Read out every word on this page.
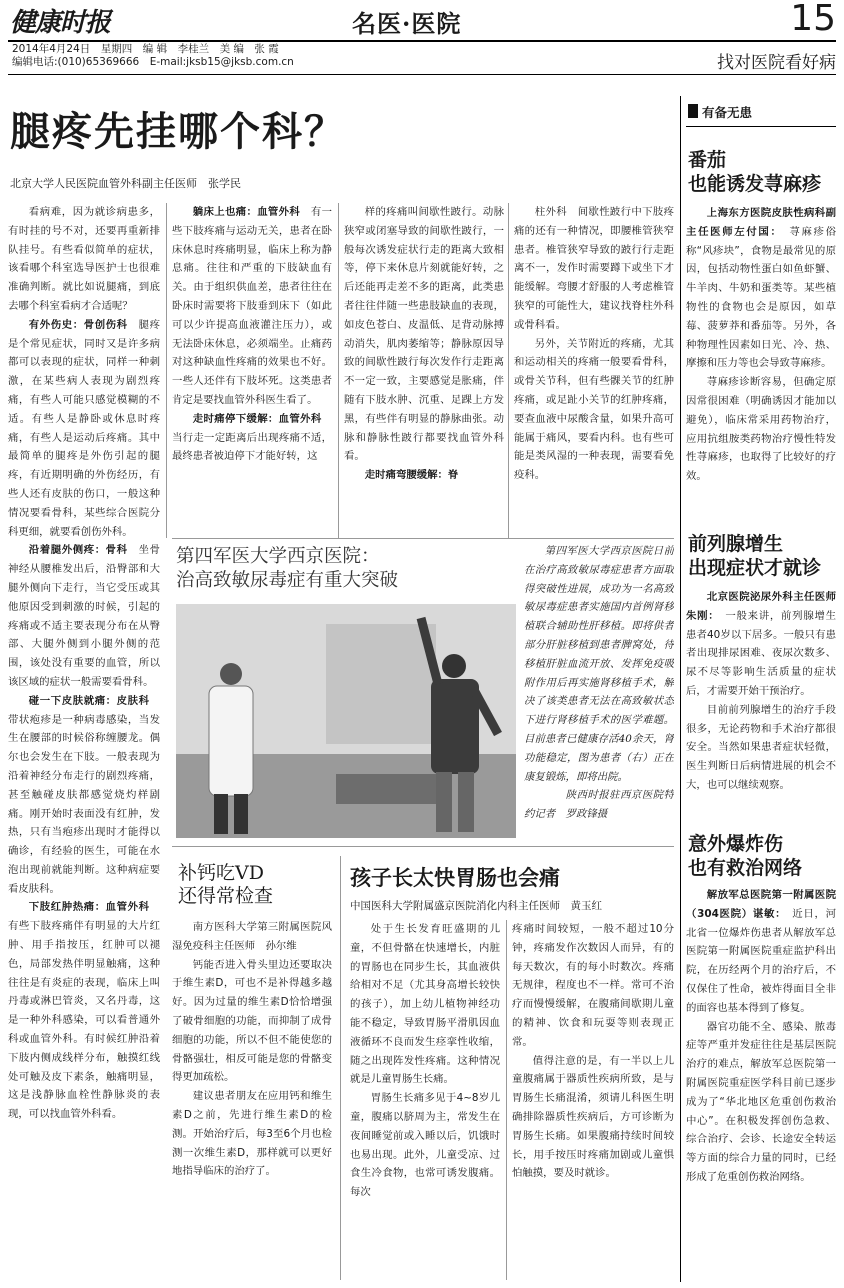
健康时报	名医·医院	15
2014年4月24日　星期四　编 辑　李桂兰　美 编　张 霞
编辑电话:(010)65369666　E-mail:jksb15@jksb.com.cn	找对医院看好病
腿疼先挂哪个科？
北京大学人民医院血管外科副主任医师　张学民

看病难，因为就诊病患多，有时挂的号不对，还要再重新排队挂号。有些看似简单的症状，该看哪个科室选导医护士也很难准确判断。就比如说腿痛，到底去哪个科室看病才合适呢？

有外伤史：骨创伤科　腿疼是个常见症状，同时又是许多病都可以表现的症状，同样一种刺激，在某些病人表现为剧烈疼痛，有些人可能只感觉模糊的不适。有些人是静卧或休息时疼痛，有些人是运动后疼痛。其中最简单的腿疼是外伤引起的腿疼，有近期明确的外伤经历，有些人还有皮肤的伤口，一般这种情况要看骨科，某些综合医院分科更细，就要看创伤外科。

沿着腿外侧疼：骨科　坐骨神经从腰椎发出后，沿臀部和大腿外侧向下走行，当它受压或其他原因受到刺激的时候，引起的疼痛或不适主要表现分布在从臀部、大腿外侧到小腿外侧的范围，该处没有重要的血管，所以该区域的症状一般需要看骨科。

碰一下皮肤就痛：皮肤科　带状疱疹是一种病毒感染，当发生在腰部的时候俗称缠腰龙。偶尔也会发生在下肢。一般表现为沿着神经分布走行的剧烈疼痛，甚至触碰皮肤都感觉烧灼样剧痛。刚开始时表面没有红肿，发热，只有当疱疹出现时才能得以确诊，有经验的医生，可能在水泡出现前就能判断。这种病症要看皮肤科。

下肢红肿热痛：血管外科　有些下肢疼痛伴有明显的大片红肿、用手指按压，红肿可以褪色，局部发热伴明显触痛，这种往往是有炎症的表现，临床上叫丹毒或淋巴管炎，又名丹毒，这是一种外科感染，可以看普通外科或血管外科。有时候红肿沿着下肢内侧成线样分布，触摸红线处可触及皮下素条，触痛明显，这是浅静脉血栓性静脉炎的表现，可以找血管外科看。

躺床上也痛：血管外科　有一些下肢疼痛与运动无关，患者在卧床休息时疼痛明显，临床上称为静息痛。往往和严重的下肢缺血有关。由于组织供血差，患者往往在卧床时需要将下肢垂到床下（如此可以少许提高血液灌注压力），或无法卧床休息，必须端坐。止痛药对这种缺血性疼痛的效果也不好。一些人还伴有下肢坏死。这类患者肯定是要找血管外科医生看了。

走时痛停下缓解：血管外科　当行走一定距离后出现疼痛不适，最终患者被迫停下才能好转，这

样的疼痛叫间歇性跛行。动脉狭窄或闭塞导致的间歇性跛行，一般每次诱发症状行走的距离大致相等，停下来休息片刻就能好转，之后还能再走差不多的距离，此类患者往往伴随一些患肢缺血的表现，如皮色苍白、皮温低、足背动脉搏动消失，肌肉萎缩等；静脉原因导致的间歇性跛行每次发作行走距离不一定一致，主要感觉是胀痛，伴随有下肢水肿、沉重、足踝上方发黑，有些伴有明显的静脉曲张。动脉和静脉性跛行都要找血管外科看。

走时痛弯腰缓解：脊

柱外科　间歇性跛行中下肢疼痛的还有一种情况，即腰椎管狭窄患者。椎管狭窄导致的跛行行走距离不一，发作时需要蹲下或坐下才能缓解。弯腰才舒服的人考虑椎管狭窄的可能性大，建议找脊柱外科或骨科看。

另外，关节附近的疼痛，尤其和运动相关的疼痛一般要看骨科，或骨关节科，但有些髁关节的红肿疼痛，或足趾小关节的红肿疼痛，要查血液中尿酸含量，如果升高可能属于痛风，要看内科。也有些可能是类风湿的一种表现，需要看免疫科。

第四军医大学西京医院：
治高致敏尿毒症有重大突破

第四军医大学西京医院日前在治疗高致敏尿毒症患者方面取得突破性进展，成功为一名高致敏尿毒症患者实施国内首例肾移植联合辅助性肝移植。即将供者部分肝脏移植到患者脾窝处，待移植肝脏血流开放、发挥免疫吸附作用后再实施肾移植手术，解决了该类患者无法在高致敏状态下进行肾移植手术的医学难题。目前患者已健康存活40余天，肾功能稳定，图为患者（右）正在康复锻炼，即将出院。

陕西时报驻西京医院特约记者　罗政锋摄

补钙吃VD
还得常检查

南方医科大学第三附属医院风湿免疫科主任医师　孙尔维

钙能否进入骨头里边还要取决于维生素D，可也不是补得越多越好。因为过量的维生素D恰恰增强了破骨细胞的功能，而抑制了成骨细胞的功能，所以不但不能使您的骨骼强壮，相反可能是您的骨骼变得更加疏松。

建议患者朋友在应用钙和维生素D之前，先进行维生素D的检测。开始治疗后，每3至6个月也检测一次维生素D，那样就可以更好地指导临床的治疗了。

孩子长太快胃肠也会痛
中国医科大学附属盛京医院消化内科主任医师　黄玉红

处于生长发育旺盛期的儿童，不但骨骼在快速增长，内脏的胃肠也在同步生长，其血液供给相对不足（尤其身高增长较快的孩子），加上幼儿植物神经功能不稳定，导致胃肠平滑肌因血液循环不良而发生痉挛性收缩，随之出现阵发性疼痛。这种情况就是儿童胃肠生长痛。

胃肠生长痛多见于4~8岁儿童，腹痛以脐周为主，常发生在夜间睡觉前或入睡以后，饥饿时也易出现。此外，儿童受凉、过食生冷食物，也常可诱发腹痛。每次

疼痛时间较短，一般不超过10分钟，疼痛发作次数因人而异，有的每天数次，有的每小时数次。疼痛无规律，程度也不一样。常可不治疗而慢慢缓解，在腹痛间歇期儿童的精神、饮食和玩耍等则表现正常。

值得注意的是，有一半以上儿童腹痛属于器质性疾病所致，是与胃肠生长痛混淆，须请儿科医生明确排除器质性疾病后，方可诊断为胃肠生长痛。如果腹痛持续时间较长，用手按压时疼痛加剧或儿童惧怕触摸，要及时就诊。

有备无患
番茄
也能诱发荨麻疹

上海东方医院皮肤性病科副主任医师左付国：　荨麻疹俗称“风疹块”，食物是最常见的原因，包括动物性蛋白如鱼虾蟹、牛羊肉、牛奶和蛋类等。某些植物性的食物也会是原因，如草莓、菠萝莽和番茄等。另外，各种物理性因素如日光、冷、热、摩擦和压力等也会导致荨麻疹。

荨麻疹诊断容易，但确定原因常很困难（明确诱因才能加以避免），临床常采用药物治疗，应用抗组胺类药物治疗慢性特发性荨麻疹，也取得了比较好的疗效。

前列腺增生
出现症状才就诊

北京医院泌尿外科主任医师朱刚：　一般来讲，前列腺增生患者40岁以下居多。一般只有患者出现排尿困难、夜尿次数多、尿不尽等影响生活质量的症状后，才需要开始干预治疗。

目前前列腺增生的治疗手段很多，无论药物和手术治疗都很安全。当然如果患者症状轻微，医生判断日后病情进展的机会不大，也可以继续观察。

意外爆炸伤
也有救治网络

解放军总医院第一附属医院（304医院）谌敏：　近日，河北省一位爆炸伤患者从解放军总医院第一附属医院重症监护科出院，在历经两个月的治疗后，不仅保住了性命，被炸得面目全非的面容也基本得到了修复。

器官功能不全、感染、脓毒症等严重并发症往往是基层医院治疗的难点，解放军总医院第一附属医院重症医学科目前已逐步成为了“华北地区危重创伤救治中心”。在积极发挥创伤急救、综合治疗、会诊、长途安全转运等方面的综合力量的同时，已经形成了危重创伤救治网络。
